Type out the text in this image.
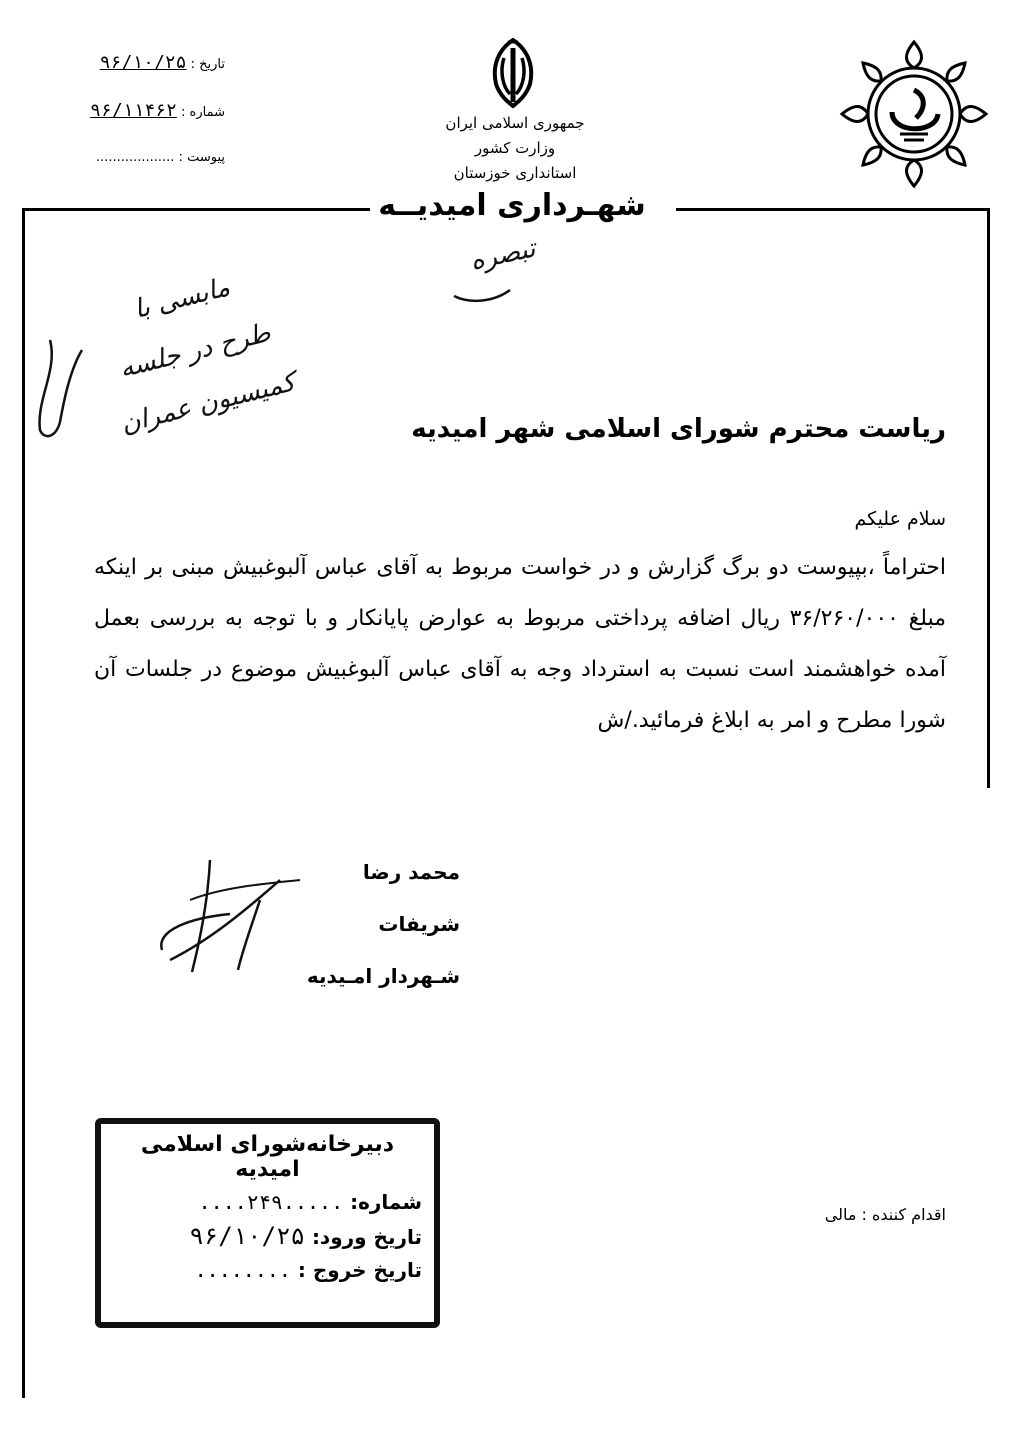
تاریخ : ۹۶/۱۰/۲۵
شماره : ۹۶/۱۱۴۶۲
پیوست : ...................
جمهوری اسلامی ایران
وزارت کشور
استانداری خوزستان
شهـرداری امیدیــه
تبصره
مابسی با
طرح در جلسه کمیسیون عمران	ریاست محترم شورای اسلامی شهر امیدیه
سلام علیکم
احتراماً ،بپیوست دو برگ گزارش و در خواست مربوط به آقای عباس آلبوغبیش مبنی بر اینکه مبلغ ۳۶/۲۶۰/۰۰۰ ریال اضافه پرداختی مربوط به عوارض پایانکار و با توجه به بررسی بعمل آمده خواهشمند است نسبت به استرداد وجه به آقای عباس آلبوغبیش موضوع در جلسات آن شورا مطرح و امر به ابلاغ فرمائید./ش
محمد رضا شریفات
شـهردار امـیدیه
دبیرخانه‌شورای اسلامی امیدیه
شماره: ....۲۴۹.....
تاریخ ورود: ۹۶/۱۰/۲۵
تاریخ خروج : ........
اقدام کننده : مالی
